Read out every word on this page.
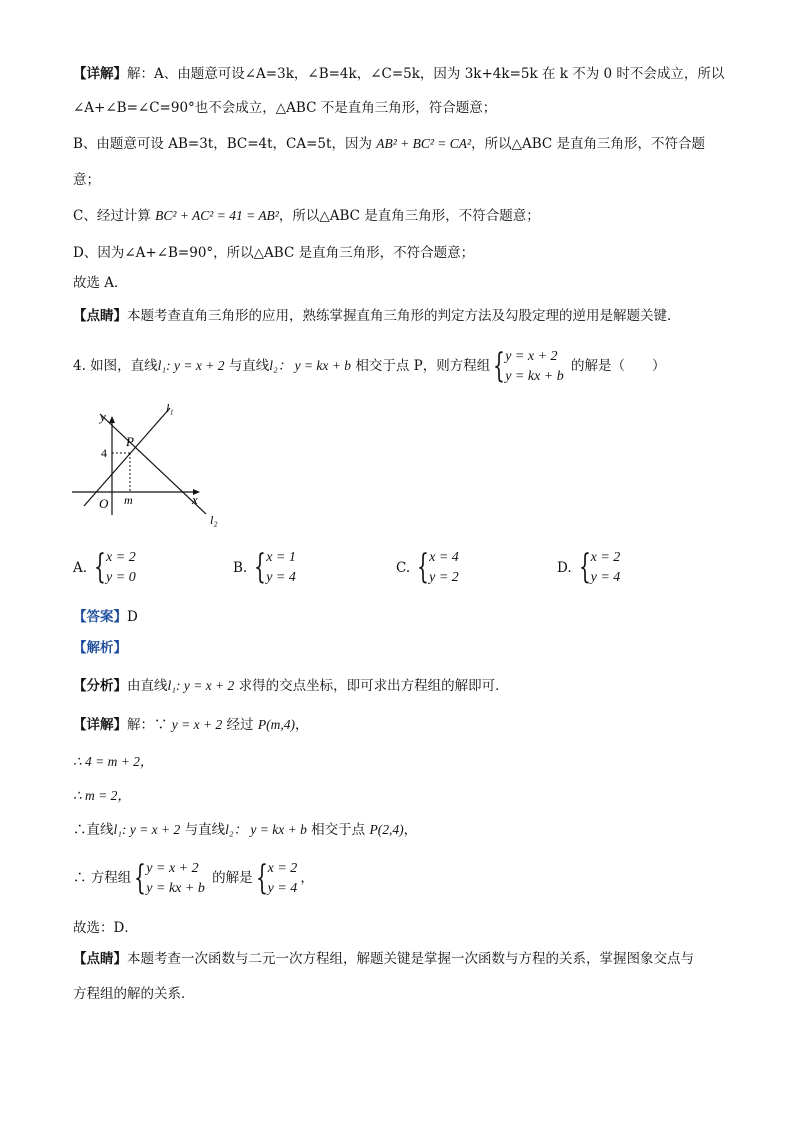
【详解】解：A、由题意可设∠A=3k，∠B=4k，∠C=5k，因为 3k+4k=5k 在 k 不为 0 时不会成立，所以
∠A+∠B=∠C=90°也不会成立，△ABC 不是直角三角形，符合题意；
B、由题意可设 AB=3t，BC=4t，CA=5t，因为 AB² + BC² = CA²，所以△ABC 是直角三角形，不符合题
意；
C、经过计算 BC² + AC² = 41 = AB²，所以△ABC 是直角三角形，不符合题意；
D、因为∠A+∠B=90°，所以△ABC 是直角三角形，不符合题意；
故选 A．
【点睛】本题考查直角三角形的应用，熟练掌握直角三角形的判定方法及勾股定理的逆用是解题关键．
4. 如图，直线l₁: y = x + 2 与直线l₂： y = kx + b 相交于点 P，则方程组 { y = x + 2
y = kx + b
的解是（　　）
y
x
O
P
4
m
l₁
l₂
A. { x = 2
y = 0
B. { x = 1
y = 4
C. { x = 4
y = 2
D. { x = 2
y = 4
【答案】D
【解析】
【分析】由直线l₁: y = x + 2 求得的交点坐标，即可求出方程组的解即可．
【详解】解：∵ y = x + 2 经过 P(m,4)，
∴ 4 = m + 2，
∴ m = 2，
∴直线l₁: y = x + 2 与直线l₂： y = kx + b 相交于点 P(2,4)，
∴ 方程组 { y = x + 2
y = kx + b
的解是 { x = 2
y = 4
，
故选：D．
【点睛】本题考查一次函数与二元一次方程组，解题关键是掌握一次函数与方程的关系，掌握图象交点与
方程组的解的关系．
